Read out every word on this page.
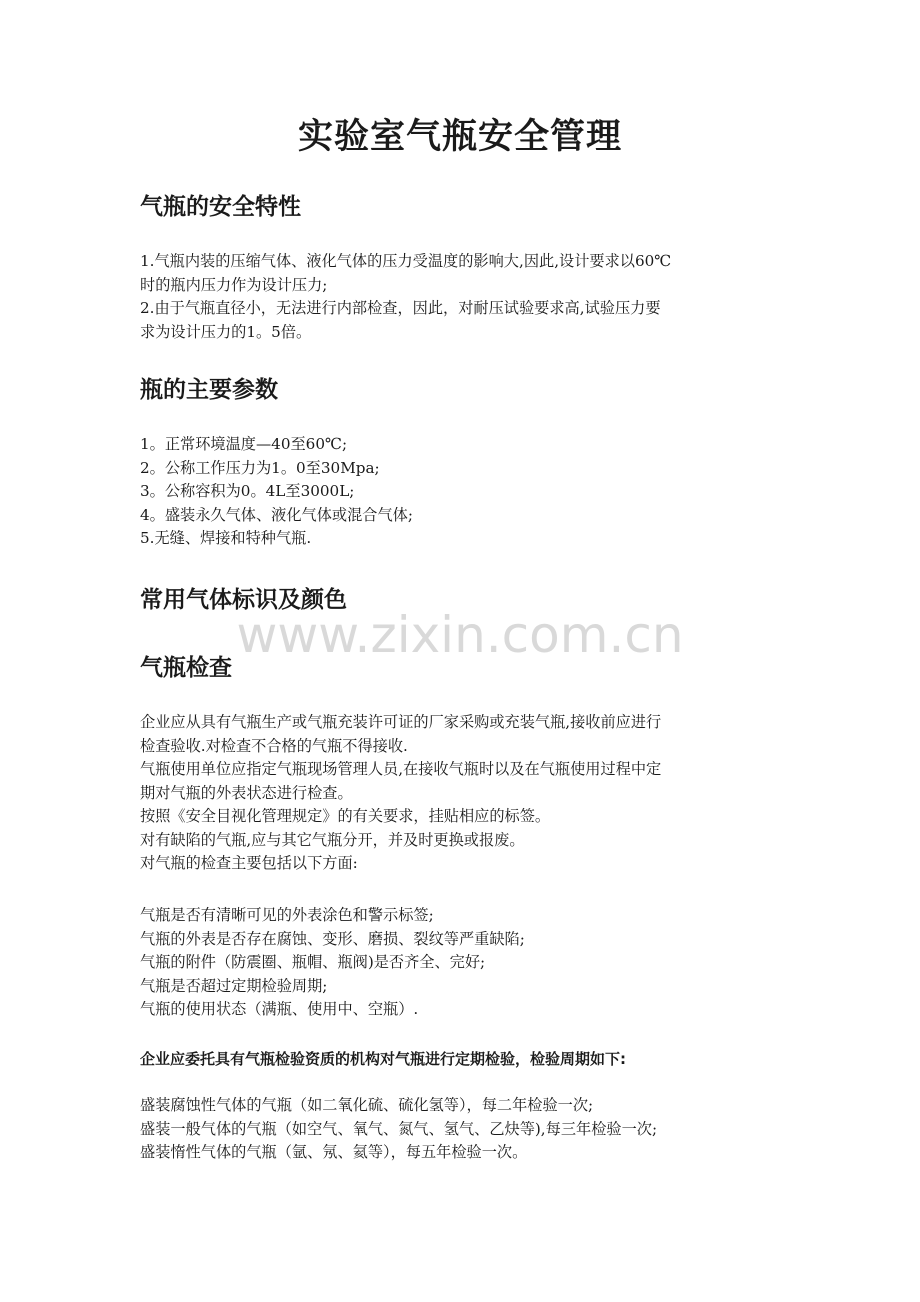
实验室气瓶安全管理
气瓶的安全特性
1.气瓶内装的压缩气体、液化气体的压力受温度的影响大,因此,设计要求以60℃
时的瓶内压力作为设计压力;
2.由于气瓶直径小，无法进行内部检查，因此，对耐压试验要求高,试验压力要
求为设计压力的1。5倍。
瓶的主要参数
1。正常环境温度—40至60℃;
2。公称工作压力为1。0至30Mpa;
3。公称容积为0。4L至3000L;
4。盛装永久气体、液化气体或混合气体;
5.无缝、焊接和特种气瓶.
常用气体标识及颜色
www.zixin.com.cn
气瓶检查
企业应从具有气瓶生产或气瓶充装许可证的厂家采购或充装气瓶,接收前应进行
检查验收.对检查不合格的气瓶不得接收.
气瓶使用单位应指定气瓶现场管理人员,在接收气瓶时以及在气瓶使用过程中定
期对气瓶的外表状态进行检查。
按照《安全目视化管理规定》的有关要求，挂贴相应的标签。
对有缺陷的气瓶,应与其它气瓶分开，并及时更换或报废。
对气瓶的检查主要包括以下方面:
气瓶是否有清晰可见的外表涂色和警示标签;
气瓶的外表是否存在腐蚀、变形、磨损、裂纹等严重缺陷;
气瓶的附件（防震圈、瓶帽、瓶阀)是否齐全、完好;
气瓶是否超过定期检验周期;
气瓶的使用状态（满瓶、使用中、空瓶）.
企业应委托具有气瓶检验资质的机构对气瓶进行定期检验，检验周期如下:
盛装腐蚀性气体的气瓶（如二氧化硫、硫化氢等），每二年检验一次;
盛装一般气体的气瓶（如空气、氧气、氮气、氢气、乙炔等),每三年检验一次;
盛装惰性气体的气瓶（氩、氖、氦等），每五年检验一次。
